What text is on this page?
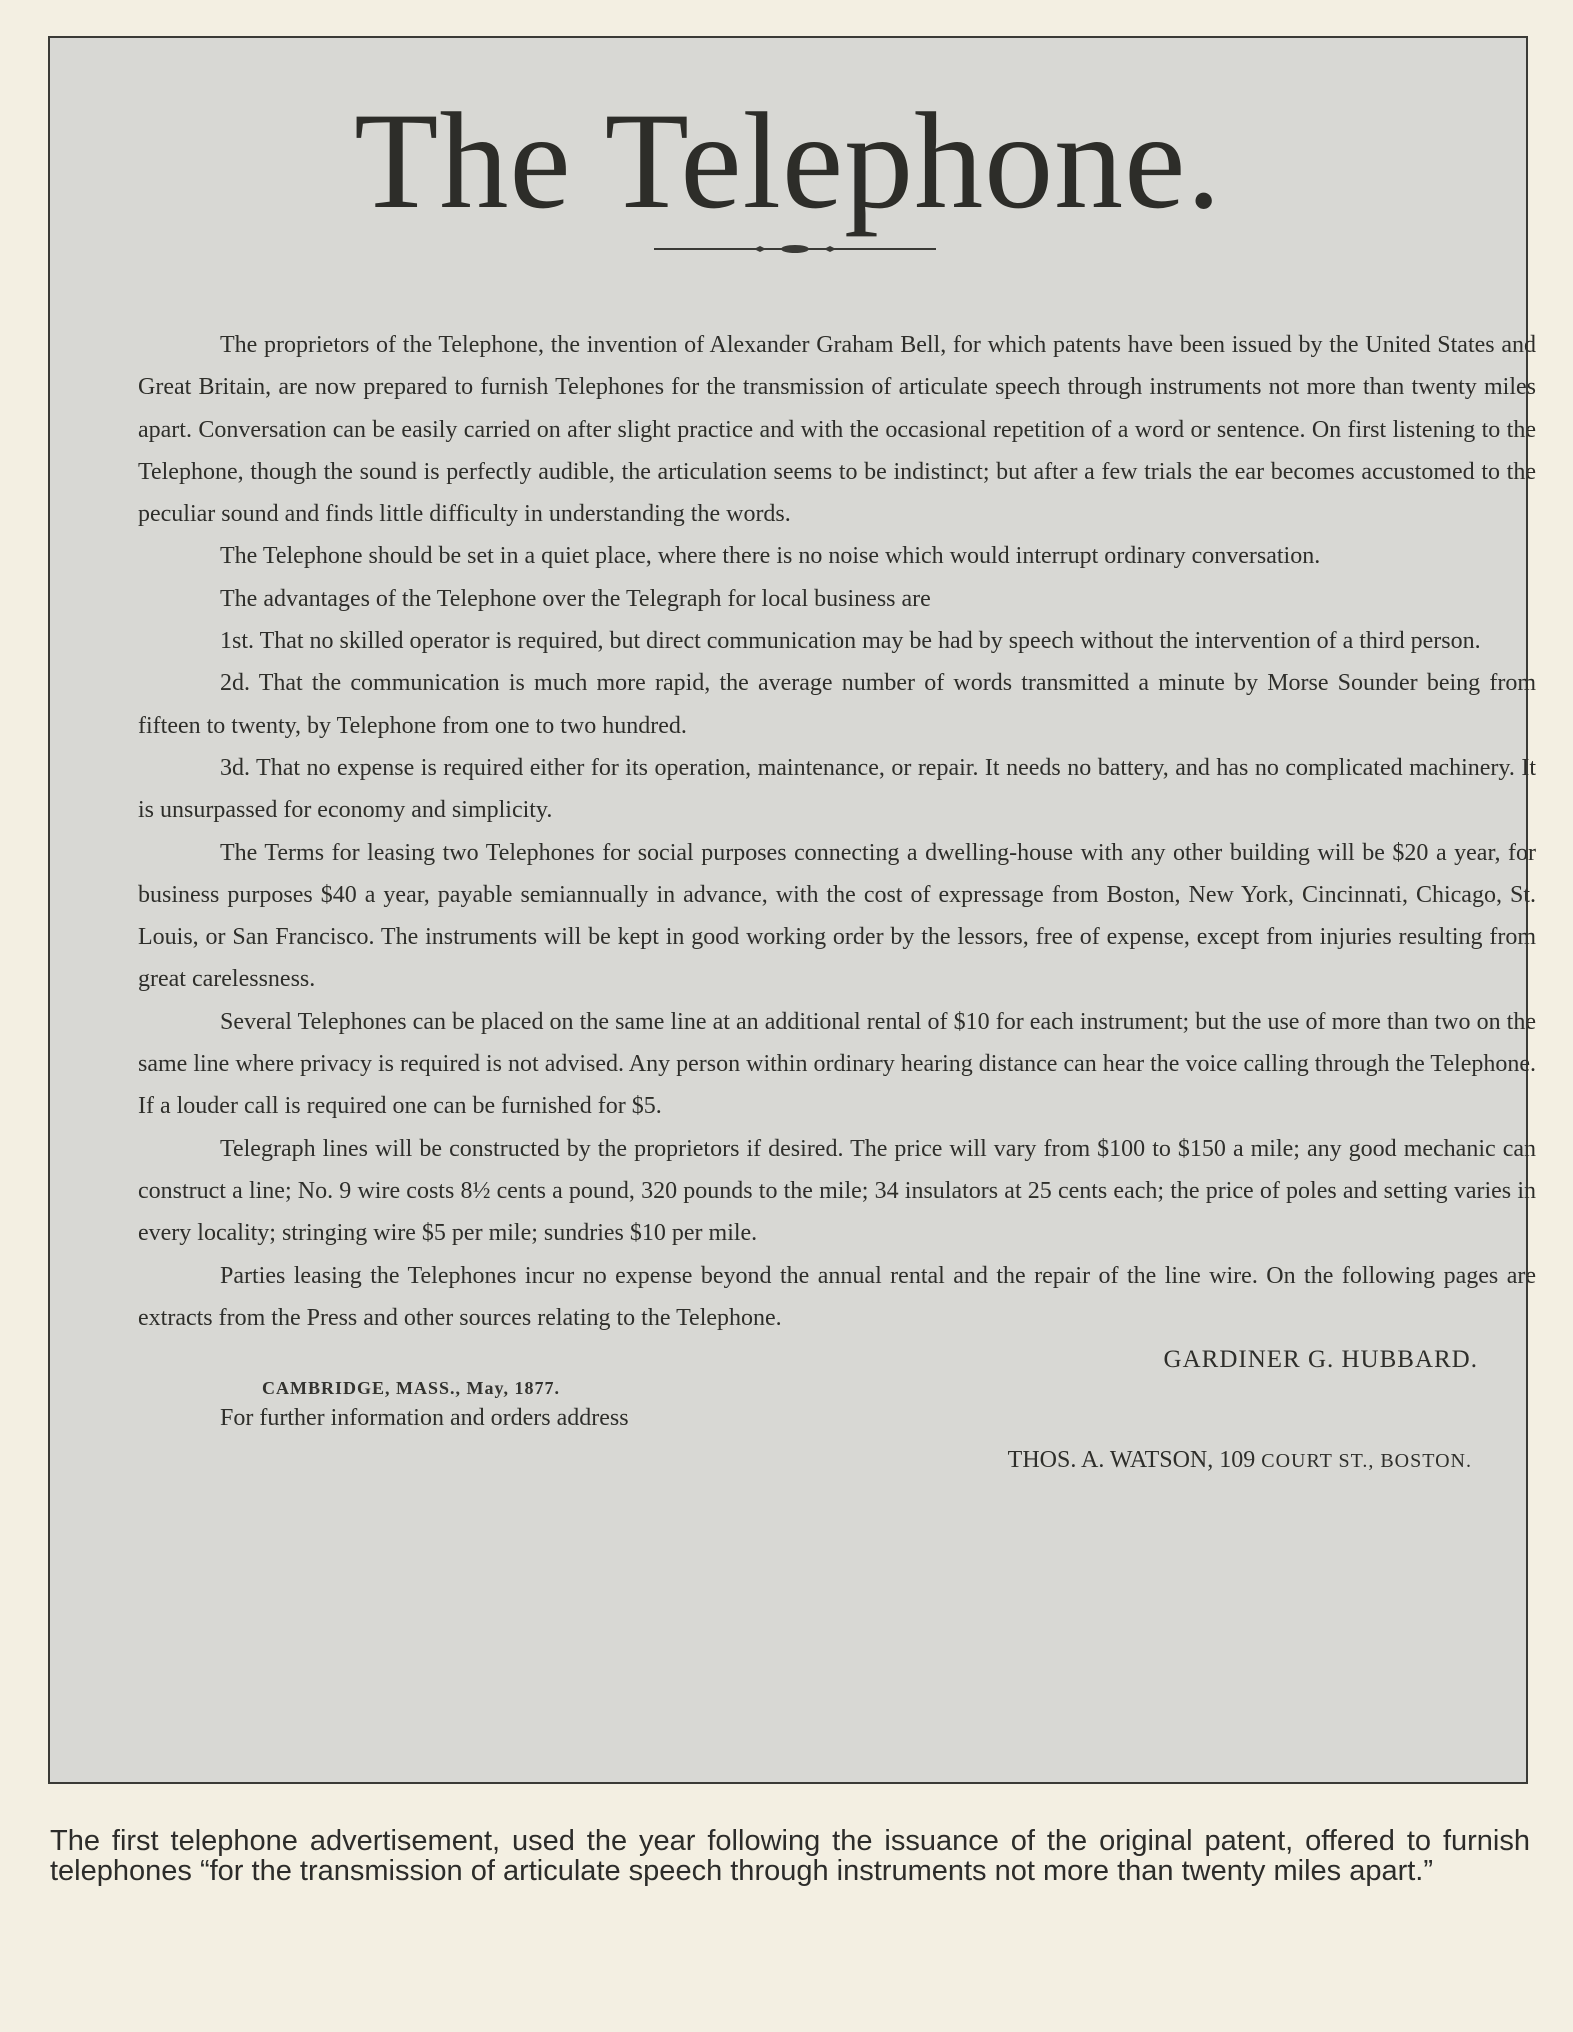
The Telephone.

The proprietors of the Telephone, the invention of Alexander Graham Bell, for which patents have been issued by the United States and Great Britain, are now prepared to furnish Telephones for the transmission of articulate speech through instruments not more than twenty miles apart. Conversation can be easily carried on after slight practice and with the occasional repetition of a word or sentence. On first listening to the Telephone, though the sound is perfectly audible, the articulation seems to be indistinct; but after a few trials the ear becomes accustomed to the peculiar sound and finds little difficulty in understanding the words.

The Telephone should be set in a quiet place, where there is no noise which would interrupt ordinary conversation.

The advantages of the Telephone over the Telegraph for local business are

1st. That no skilled operator is required, but direct communication may be had by speech without the intervention of a third person.

2d. That the communication is much more rapid, the average number of words transmitted a minute by Morse Sounder being from fifteen to twenty, by Telephone from one to two hundred.

3d. That no expense is required either for its operation, maintenance, or repair. It needs no battery, and has no complicated machinery. It is unsurpassed for economy and simplicity.

The Terms for leasing two Telephones for social purposes connecting a dwelling-house with any other building will be $20 a year, for business purposes $40 a year, payable semiannually in advance, with the cost of expressage from Boston, New York, Cincinnati, Chicago, St. Louis, or San Francisco. The instruments will be kept in good working order by the lessors, free of expense, except from injuries resulting from great carelessness.

Several Telephones can be placed on the same line at an additional rental of $10 for each instrument; but the use of more than two on the same line where privacy is required is not advised. Any person within ordinary hearing distance can hear the voice calling through the Telephone. If a louder call is required one can be furnished for $5.

Telegraph lines will be constructed by the proprietors if desired. The price will vary from $100 to $150 a mile; any good mechanic can construct a line; No. 9 wire costs 8½ cents a pound, 320 pounds to the mile; 34 insulators at 25 cents each; the price of poles and setting varies in every locality; stringing wire $5 per mile; sundries $10 per mile.

Parties leasing the Telephones incur no expense beyond the annual rental and the repair of the line wire. On the following pages are extracts from the Press and other sources relating to the Telephone.

CAMBRIDGE, MASS., May, 1877.
GARDINER G. HUBBARD.

For further information and orders address

THOS. A. WATSON, 109 COURT ST., BOSTON.

The first telephone advertisement, used the year following the issuance of the original patent, offered to furnish telephones “for the transmission of articulate speech through instruments not more than twenty miles apart.”
